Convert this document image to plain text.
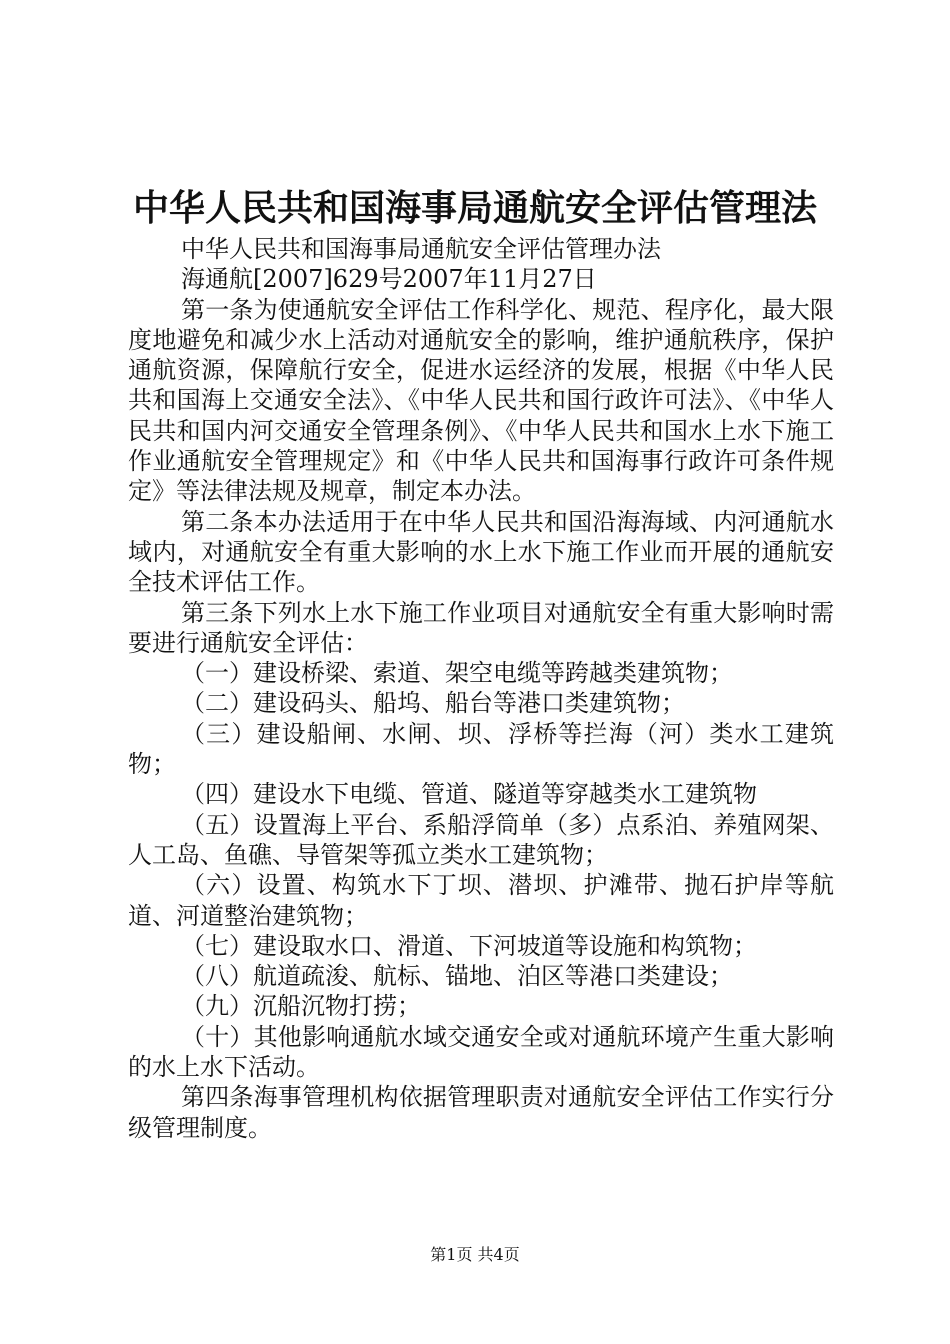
中华人民共和国海事局通航安全评估管理法

中华人民共和国海事局通航安全评估管理办法

海通航[2007]629号2007年11月27日

第一条为使通航安全评估工作科学化、规范、程序化，最大限度地避免和减少水上活动对通航安全的影响，维护通航秩序，保护通航资源，保障航行安全，促进水运经济的发展，根据《中华人民共和国海上交通安全法》、《中华人民共和国行政许可法》、《中华人民共和国内河交通安全管理条例》、《中华人民共和国水上水下施工作业通航安全管理规定》和《中华人民共和国海事行政许可条件规定》等法律法规及规章，制定本办法。

第二条本办法适用于在中华人民共和国沿海海域、内河通航水域内，对通航安全有重大影响的水上水下施工作业而开展的通航安全技术评估工作。

第三条下列水上水下施工作业项目对通航安全有重大影响时需要进行通航安全评估：

（一）建设桥梁、索道、架空电缆等跨越类建筑物；

（二）建设码头、船坞、船台等港口类建筑物；

（三）建设船闸、水闸、坝、浮桥等拦海（河）类水工建筑物；

（四）建设水下电缆、管道、隧道等穿越类水工建筑物

（五）设置海上平台、系船浮筒单（多）点系泊、养殖网架、人工岛、鱼礁、导管架等孤立类水工建筑物；

（六）设置、构筑水下丁坝、潜坝、护滩带、抛石护岸等航道、河道整治建筑物；

（七）建设取水口、滑道、下河坡道等设施和构筑物；

（八）航道疏浚、航标、锚地、泊区等港口类建设；

（九）沉船沉物打捞；

（十）其他影响通航水域交通安全或对通航环境产生重大影响的水上水下活动。

第四条海事管理机构依据管理职责对通航安全评估工作实行分级管理制度。

第1页 共4页
